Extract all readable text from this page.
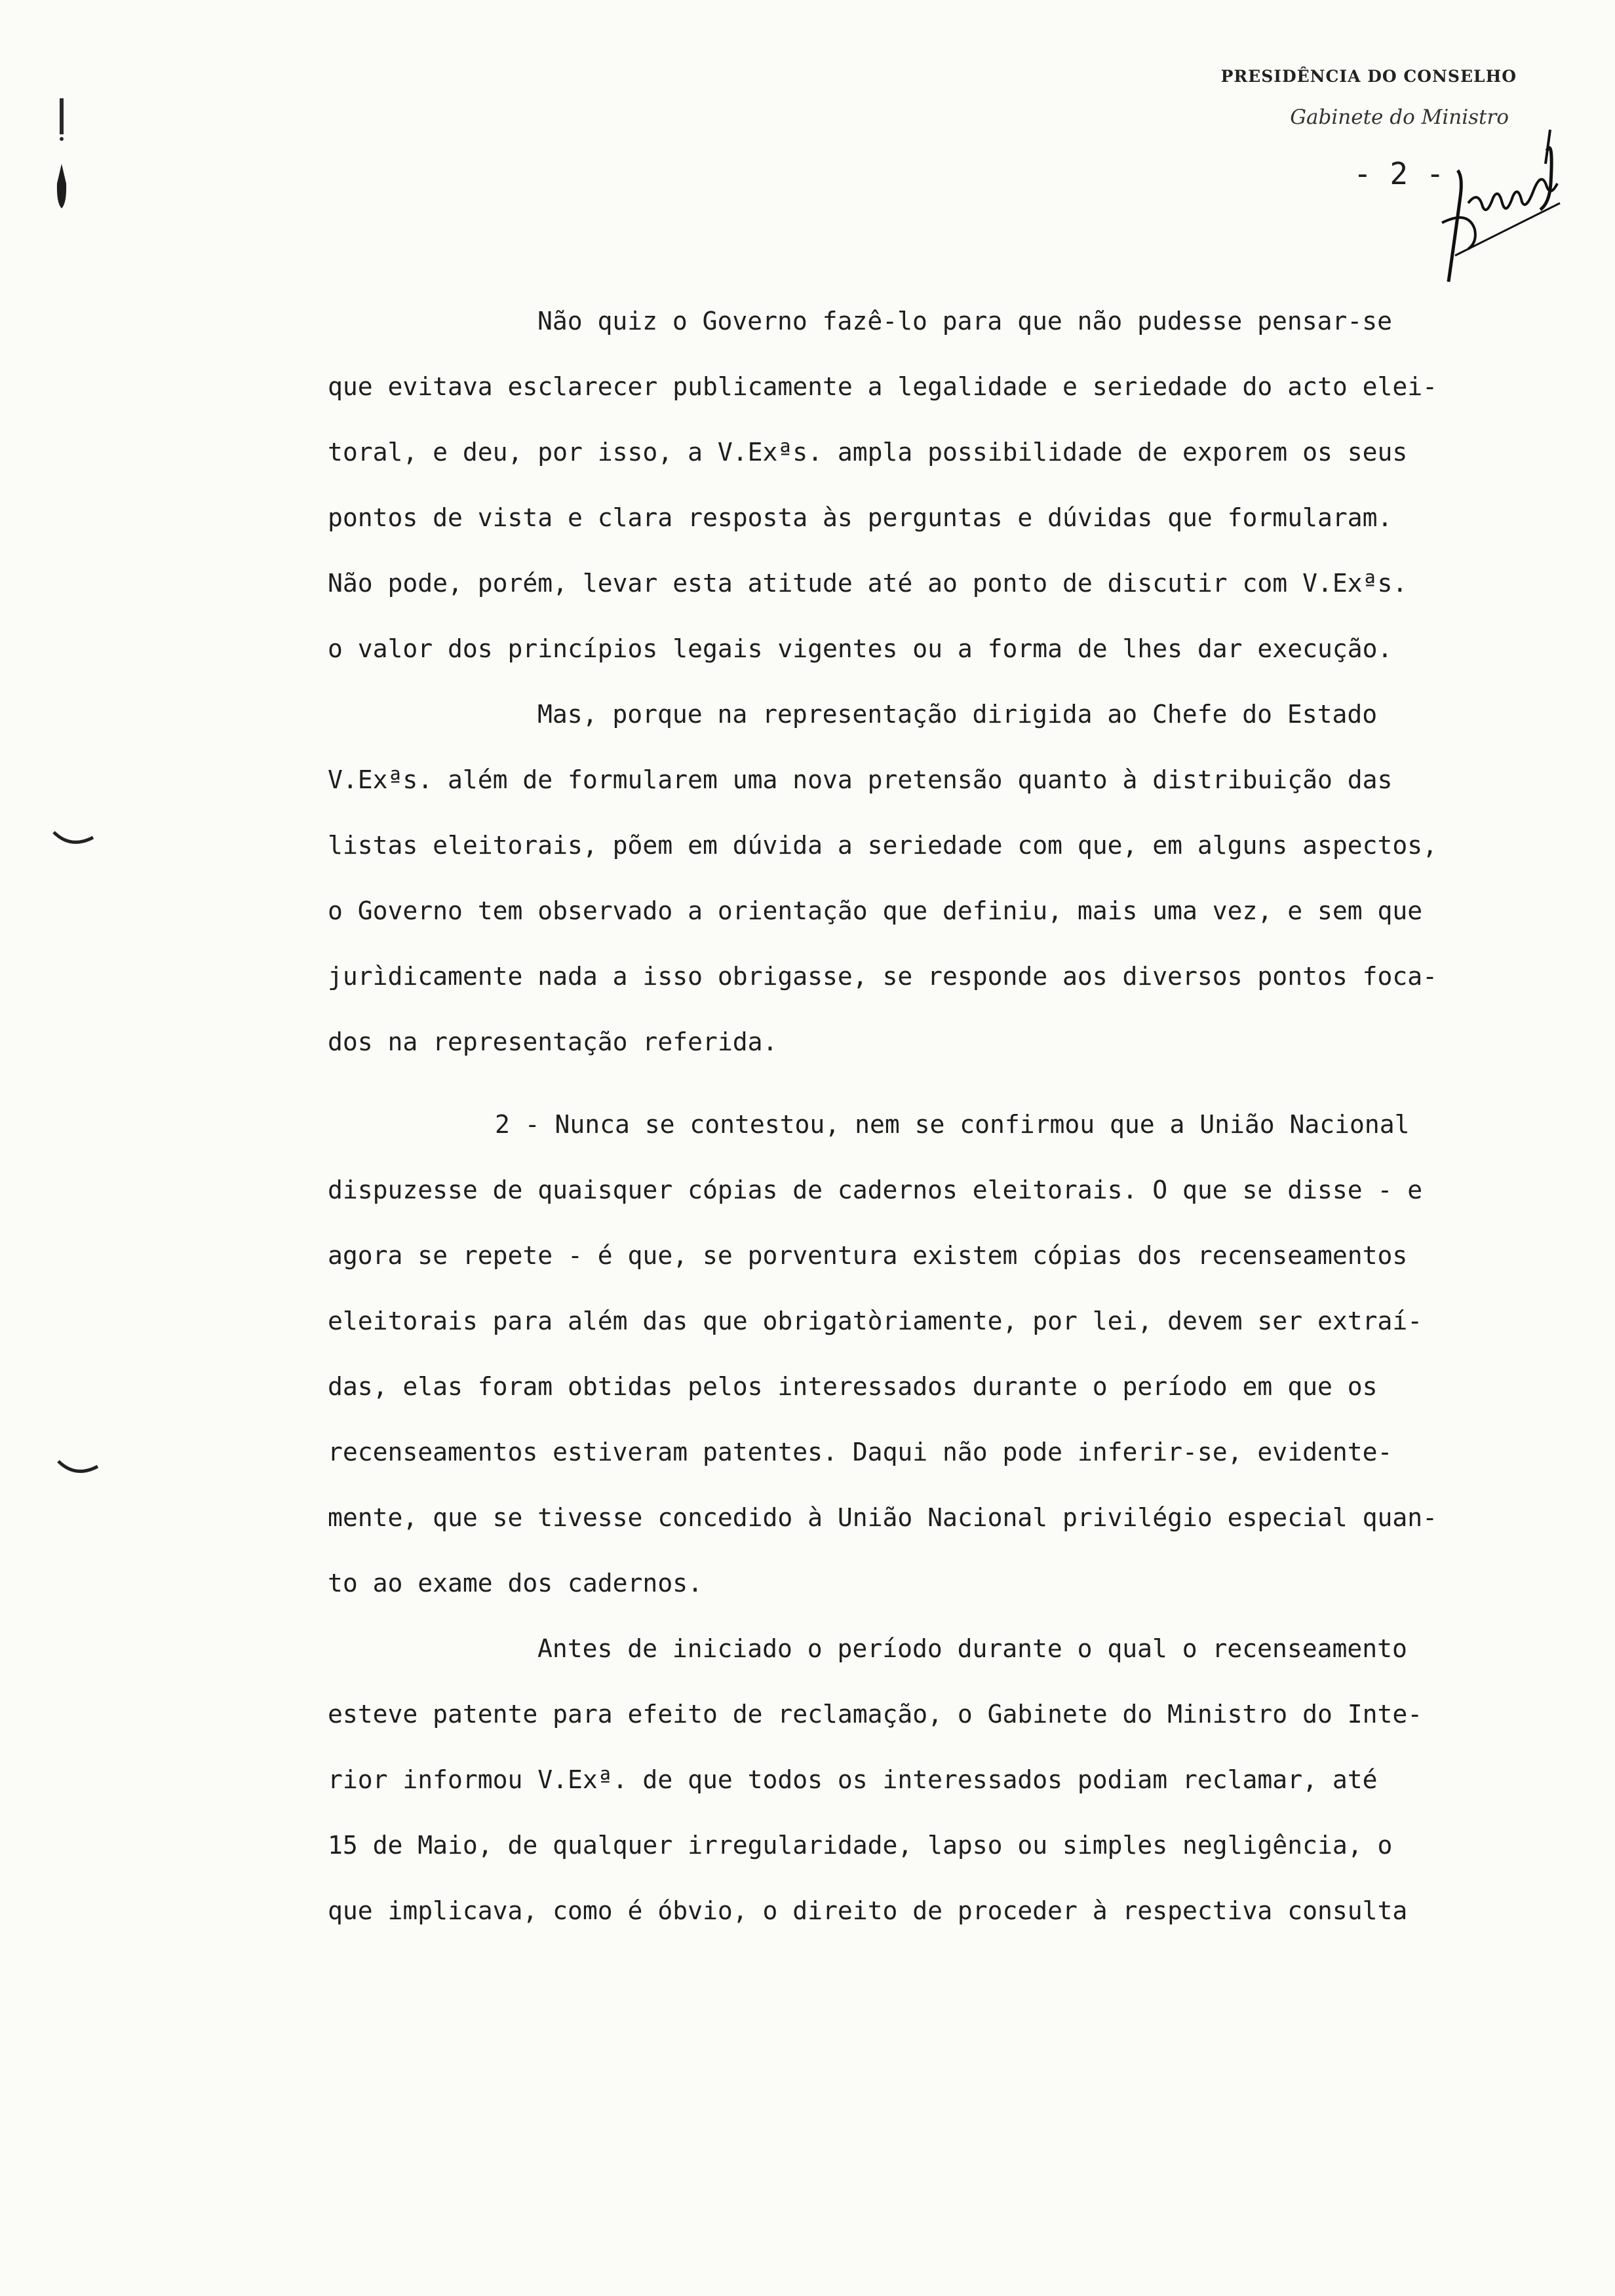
PRESIDÊNCIA DO CONSELHO
Gabinete do Ministro
- 2 -
Não quiz o Governo fazê-lo para que não pudesse pensar-se
que evitava esclarecer publicamente a legalidade e seriedade do acto elei-
toral, e deu, por isso, a V.Exªs. ampla possibilidade de exporem os seus
pontos de vista e clara resposta às perguntas e dúvidas que formularam.
Não pode, porém, levar esta atitude até ao ponto de discutir com V.Exªs.
o valor dos princípios legais vigentes ou a forma de lhes dar execução.
Mas, porque na representação dirigida ao Chefe do Estado
V.Exªs. além de formularem uma nova pretensão quanto à distribuição das
listas eleitorais, põem em dúvida a seriedade com que, em alguns aspectos,
o Governo tem observado a orientação que definiu, mais uma vez, e sem que
jurìdicamente nada a isso obrigasse, se responde aos diversos pontos foca-
dos na representação referida.
2 - Nunca se contestou, nem se confirmou que a União Nacional
dispuzesse de quaisquer cópias de cadernos eleitorais. O que se disse - e
agora se repete - é que, se porventura existem cópias dos recenseamentos
eleitorais para além das que obrigatòriamente, por lei, devem ser extraí-
das, elas foram obtidas pelos interessados durante o período em que os
recenseamentos estiveram patentes. Daqui não pode inferir-se, evidente-
mente, que se tivesse concedido à União Nacional privilégio especial quan-
to ao exame dos cadernos.
Antes de iniciado o período durante o qual o recenseamento
esteve patente para efeito de reclamação, o Gabinete do Ministro do Inte-
rior informou V.Exª. de que todos os interessados podiam reclamar, até
15 de Maio, de qualquer irregularidade, lapso ou simples negligência, o
que implicava, como é óbvio, o direito de proceder à respectiva consulta
